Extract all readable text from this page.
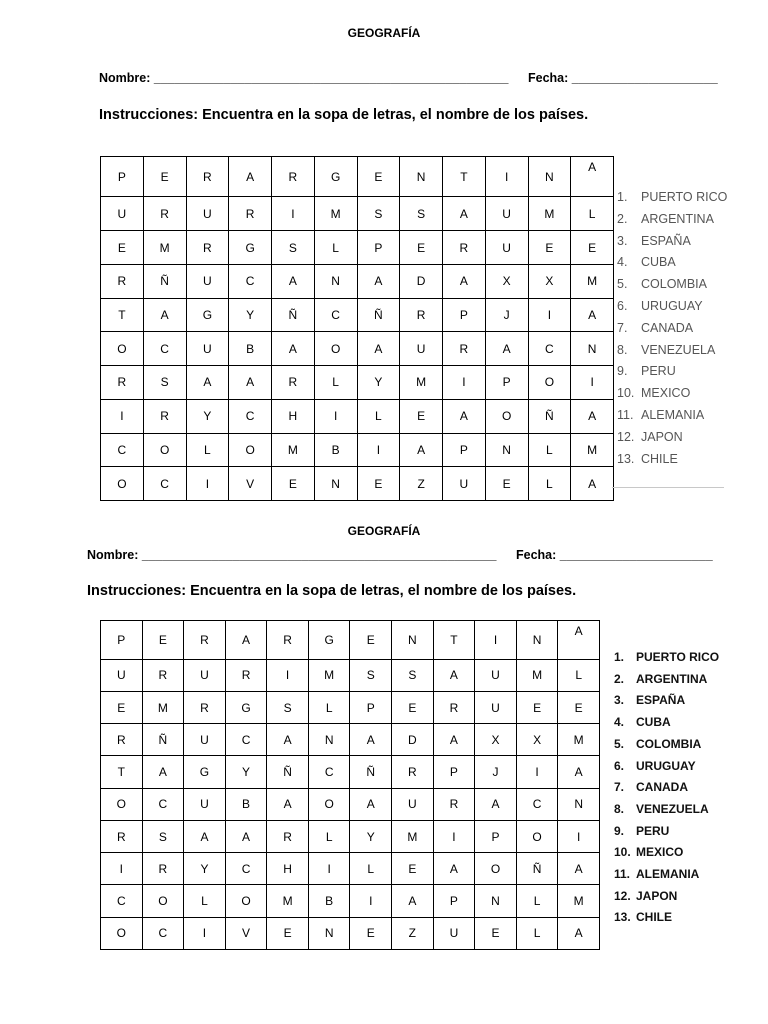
GEOGRAFÍA
Nombre: ___________________________________________________ Fecha: _____________________
Instrucciones: Encuentra en la sopa de letras, el nombre de los países.
P	E	R	A	R	G	E	N	T	I	N	A
U	R	U	R	I	M	S	S	A	U	M	L
E	M	R	G	S	L	P	E	R	U	E	E
R	Ñ	U	C	A	N	A	D	A	X	X	M
T	A	G	Y	Ñ	C	Ñ	R	P	J	I	A
O	C	U	B	A	O	A	U	R	A	C	N
R	S	A	A	R	L	Y	M	I	P	O	I
I	R	Y	C	H	I	L	E	A	O	Ñ	A
C	O	L	O	M	B	I	A	P	N	L	M
O	C	I	V	E	N	E	Z	U	E	L	A
1. PUERTO RICO
2. ARGENTINA
3. ESPAÑA
4. CUBA
5. COLOMBIA
6. URUGUAY
7. CANADA
8. VENEZUELA
9. PERU
10. MEXICO
11. ALEMANIA
12. JAPON
13. CHILE
GEOGRAFÍA
Nombre: ___________________________________________________ Fecha: ______________________
Instrucciones: Encuentra en la sopa de letras, el nombre de los países.
P	E	R	A	R	G	E	N	T	I	N	A
U	R	U	R	I	M	S	S	A	U	M	L
E	M	R	G	S	L	P	E	R	U	E	E
R	Ñ	U	C	A	N	A	D	A	X	X	M
T	A	G	Y	Ñ	C	Ñ	R	P	J	I	A
O	C	U	B	A	O	A	U	R	A	C	N
R	S	A	A	R	L	Y	M	I	P	O	I
I	R	Y	C	H	I	L	E	A	O	Ñ	A
C	O	L	O	M	B	I	A	P	N	L	M
O	C	I	V	E	N	E	Z	U	E	L	A
1. PUERTO RICO
2. ARGENTINA
3. ESPAÑA
4. CUBA
5. COLOMBIA
6. URUGUAY
7. CANADA
8. VENEZUELA
9. PERU
10. MEXICO
11. ALEMANIA
12. JAPON
13. CHILE
